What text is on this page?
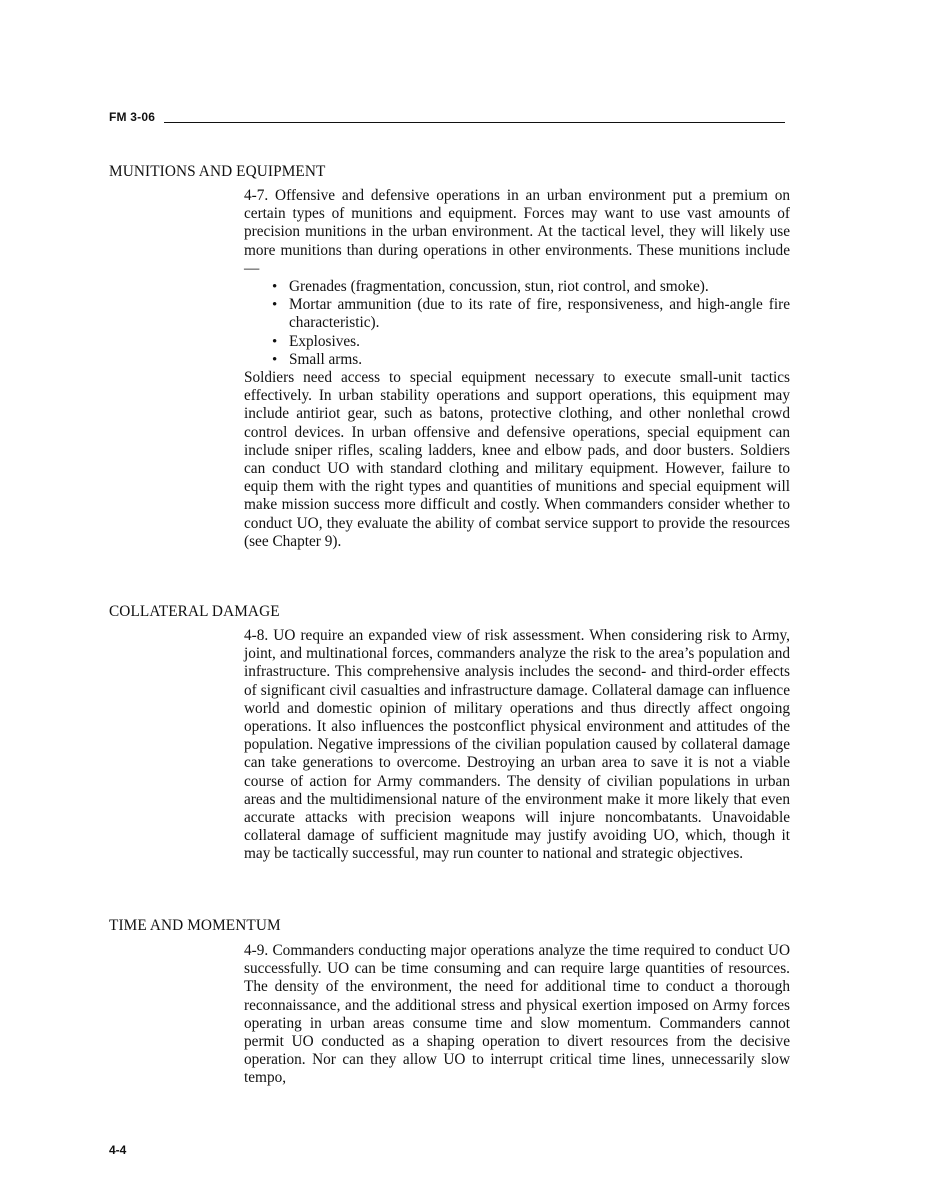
FM 3-06
MUNITIONS AND EQUIPMENT

4-7. Offensive and defensive operations in an urban environment put a premium on certain types of munitions and equipment. Forces may want to use vast amounts of precision munitions in the urban environment. At the tactical level, they will likely use more munitions than during operations in other environments. These munitions include—

• Grenades (fragmentation, concussion, stun, riot control, and smoke).
• Mortar ammunition (due to its rate of fire, responsiveness, and high-angle fire characteristic).
• Explosives.
• Small arms.

Soldiers need access to special equipment necessary to execute small-unit tactics effectively. In urban stability operations and support operations, this equipment may include antiriot gear, such as batons, protective clothing, and other nonlethal crowd control devices. In urban offensive and defensive operations, special equipment can include sniper rifles, scaling ladders, knee and elbow pads, and door busters. Soldiers can conduct UO with standard clothing and military equipment. However, failure to equip them with the right types and quantities of munitions and special equipment will make mission success more difficult and costly. When commanders consider whether to conduct UO, they evaluate the ability of combat service support to provide the resources (see Chapter 9).

COLLATERAL DAMAGE

4-8. UO require an expanded view of risk assessment. When considering risk to Army, joint, and multinational forces, commanders analyze the risk to the area’s population and infrastructure. This comprehensive analysis includes the second- and third-order effects of significant civil casualties and infrastructure damage. Collateral damage can influence world and domestic opinion of military operations and thus directly affect ongoing operations. It also influences the postconflict physical environment and attitudes of the population. Negative impressions of the civilian population caused by collateral damage can take generations to overcome. Destroying an urban area to save it is not a viable course of action for Army commanders. The density of civilian populations in urban areas and the multidimensional nature of the environment make it more likely that even accurate attacks with precision weapons will injure noncombatants. Unavoidable collateral damage of sufficient magnitude may justify avoiding UO, which, though it may be tactically successful, may run counter to national and strategic objectives.

TIME AND MOMENTUM

4-9. Commanders conducting major operations analyze the time required to conduct UO successfully. UO can be time consuming and can require large quantities of resources. The density of the environment, the need for additional time to conduct a thorough reconnaissance, and the additional stress and physical exertion imposed on Army forces operating in urban areas consume time and slow momentum. Commanders cannot permit UO conducted as a shaping operation to divert resources from the decisive operation. Nor can they allow UO to interrupt critical time lines, unnecessarily slow tempo,

4-4
